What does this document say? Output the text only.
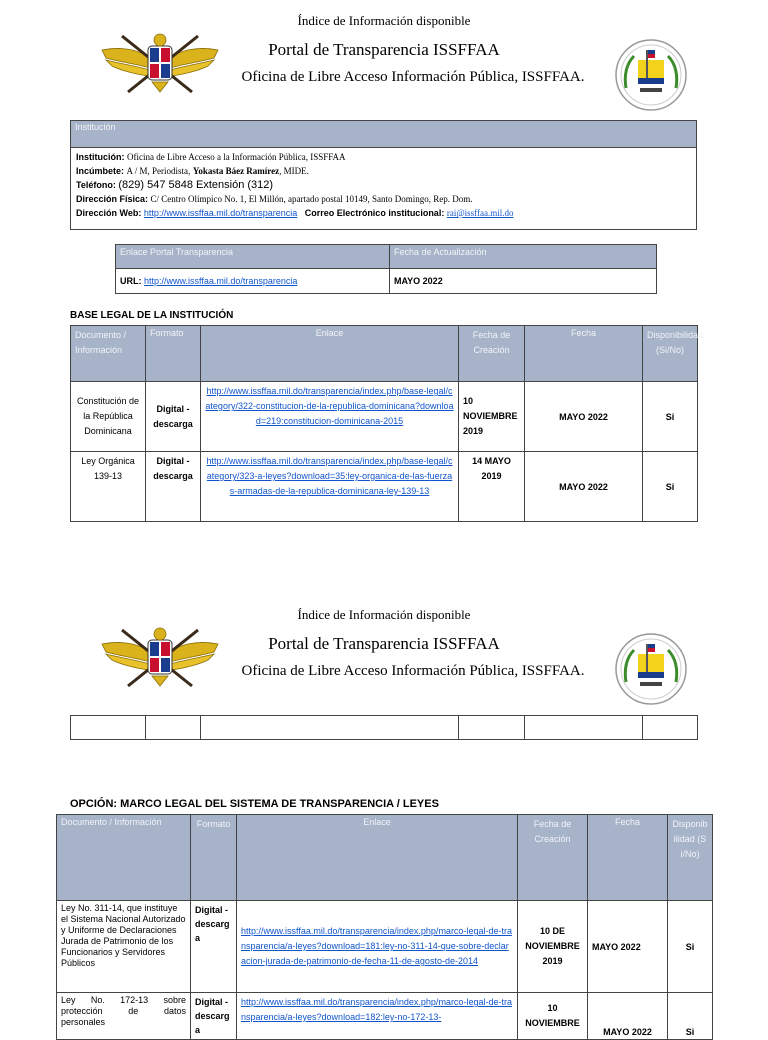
Índice de Información disponible
Portal de Transparencia ISSFFAA
Oficina de Libre Acceso Información Pública, ISSFFAA.
Institución
Institución: Oficina de Libre Acceso a la Información Pública, ISSFFAA
Incúmbete: A / M, Periodista, Yokasta Báez Ramírez, MIDE.
Teléfono: (829) 547 5848 Extensión (312)
Dirección Física: C/ Centro Olímpico No. 1, El Millón, apartado postal 10149, Santo Domingo, Rep. Dom.
Dirección Web: http://www.issffaa.mil.do/transparencia Correo Electrónico institucional: rai@issffaa.mil.do
Enlace Portal Transparencia	Fecha de Actualización
URL: http://www.issffaa.mil.do/transparencia	MAYO 2022
BASE LEGAL DE LA INSTITUCIÓN
Documento / Información	Formato	Enlace	Fecha de Creación	Fecha	Disponibilidad (Si/No)
Constitución de la República Dominicana	Digital - descarga	http://www.issffaa.mil.do/transparencia/index.php/base-legal/category/322-constitucion-de-la-republica-dominicana?download=219:constitucion-dominicana-2015	10 NOVIEMBRE 2019	MAYO 2022	Si
Ley Orgánica 139-13	Digital - descarga	http://www.issffaa.mil.do/transparencia/index.php/base-legal/category/323-a-leyes?download=35:ley-organica-de-las-fuerzas-armadas-de-la-republica-dominicana-ley-139-13	14 MAYO 2019	MAYO 2022	Si
Índice de Información disponible
Portal de Transparencia ISSFFAA
Oficina de Libre Acceso Información Pública, ISSFFAA.

OPCIÓN: MARCO LEGAL DEL SISTEMA DE TRANSPARENCIA / LEYES
Documento / Información	Formato	Enlace	Fecha de Creación	Fecha	Disponibilidad (Si/No)
Ley No. 311-14, que instituye el Sistema Nacional Autorizado y Uniforme de Declaraciones Jurada de Patrimonio de los Funcionarios y Servidores Públicos	Digital - descarga	http://www.issffaa.mil.do/transparencia/index.php/marco-legal-de-transparencia/a-leyes?download=181:ley-no-311-14-que-sobre-declaracion-jurada-de-patrimonio-de-fecha-11-de-agosto-de-2014	10 DE NOVIEMBRE 2019	MAYO 2022	Si
Ley No. 172-13 sobre protección de datos personales	Digital - descarga	http://www.issffaa.mil.do/transparencia/index.php/marco-legal-de-transparencia/a-leyes?download=182:ley-no-172-13-	10 NOVIEMBRE	MAYO 2022	Si
